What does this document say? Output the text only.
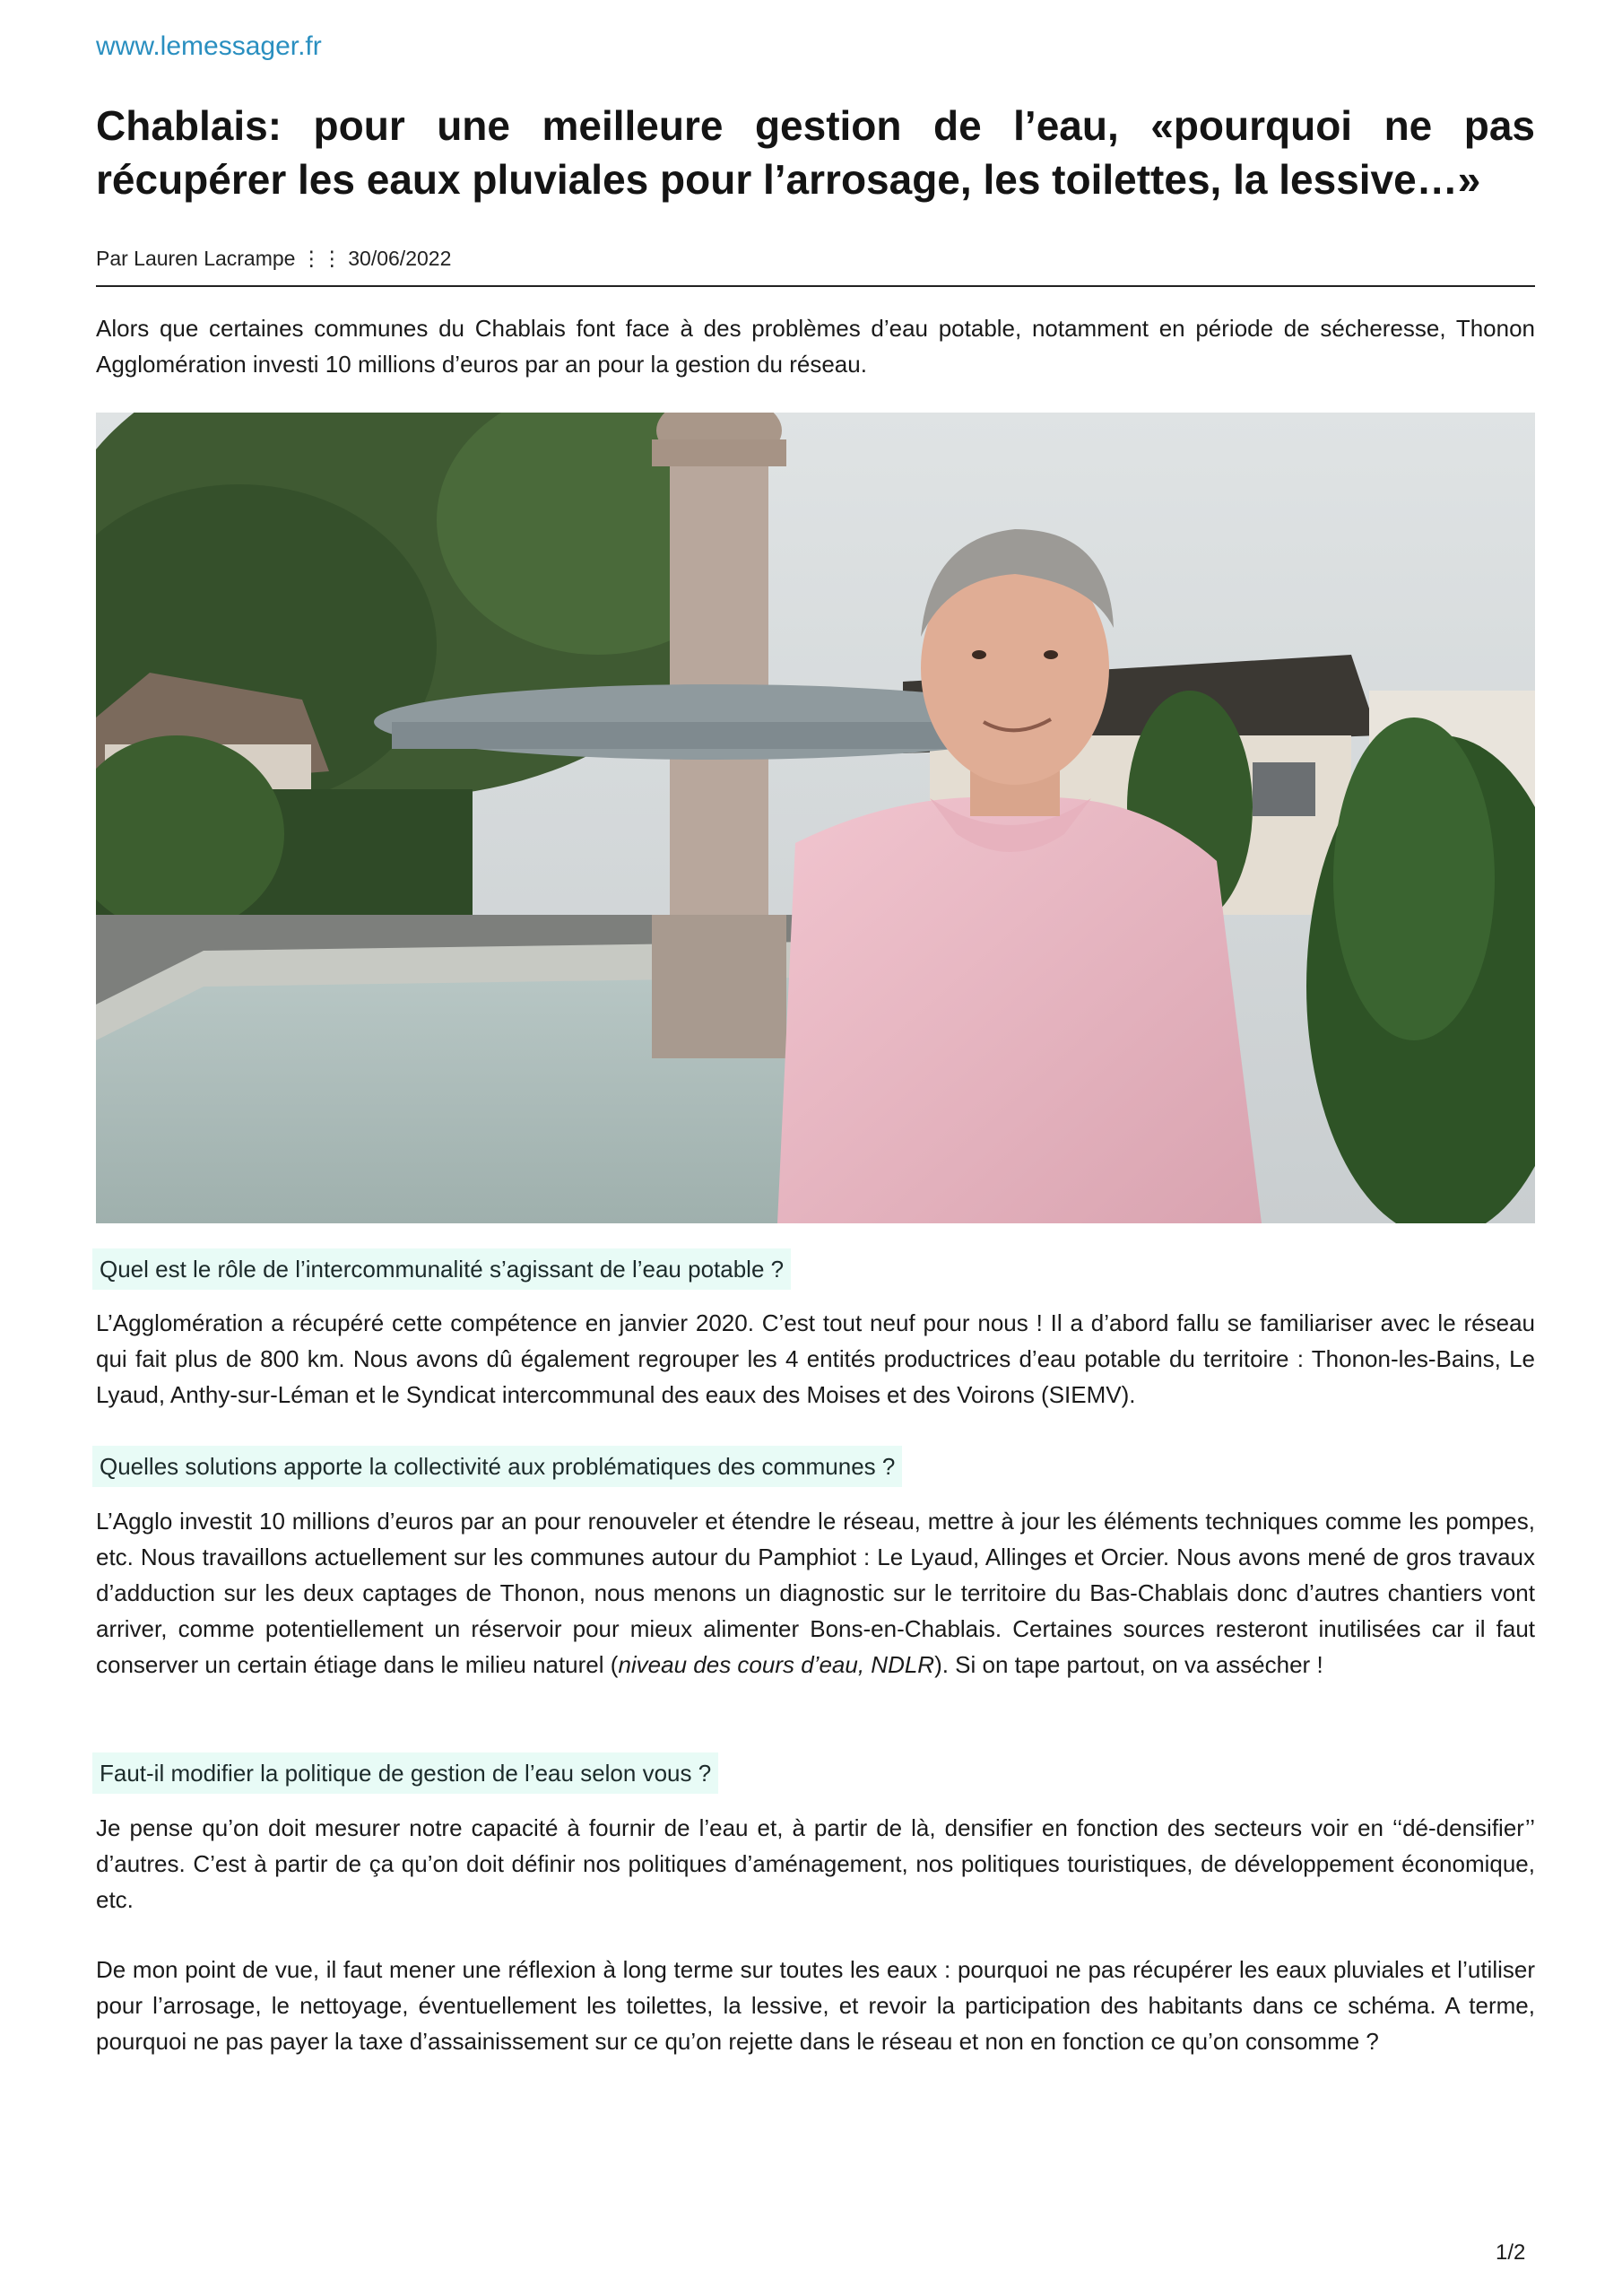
www.lemessager.fr
Chablais: pour une meilleure gestion de l’eau, «pourquoi ne pas récupérer les eaux pluviales pour l’arrosage, les toilettes, la lessive…»
Par Lauren Lacrampe ⋮⋮ 30/06/2022

Alors que certaines communes du Chablais font face à des problèmes d’eau potable, notamment en période de sécheresse, Thonon Agglomération investi 10 millions d’euros par an pour la gestion du réseau.

Quel est le rôle de l’intercommunalité s’agissant de l’eau potable ?

L’Agglomération a récupéré cette compétence en janvier 2020. C’est tout neuf pour nous ! Il a d’abord fallu se familiariser avec le réseau qui fait plus de 800 km. Nous avons dû également regrouper les 4 entités productrices d’eau potable du territoire : Thonon-les-Bains, Le Lyaud, Anthy-sur-Léman et le Syndicat intercommunal des eaux des Moises et des Voirons (SIEMV).

Quelles solutions apporte la collectivité aux problématiques des communes ?

L’Agglo investit 10 millions d’euros par an pour renouveler et étendre le réseau, mettre à jour les éléments techniques comme les pompes, etc. Nous travaillons actuellement sur les communes autour du Pamphiot : Le Lyaud, Allinges et Orcier. Nous avons mené de gros travaux d’adduction sur les deux captages de Thonon, nous menons un diagnostic sur le territoire du Bas-Chablais donc d’autres chantiers vont arriver, comme potentiellement un réservoir pour mieux alimenter Bons-en-Chablais. Certaines sources resteront inutilisées car il faut conserver un certain étiage dans le milieu naturel (niveau des cours d’eau, NDLR). Si on tape partout, on va assécher !

Faut-il modifier la politique de gestion de l’eau selon vous ?

Je pense qu’on doit mesurer notre capacité à fournir de l’eau et, à partir de là, densifier en fonction des secteurs voir en ‘‘dé-densifier’’ d’autres. C’est à partir de ça qu’on doit définir nos politiques d’aménagement, nos politiques touristiques, de développement économique, etc.

De mon point de vue, il faut mener une réflexion à long terme sur toutes les eaux : pourquoi ne pas récupérer les eaux pluviales et l’utiliser pour l’arrosage, le nettoyage, éventuellement les toilettes, la lessive, et revoir la participation des habitants dans ce schéma. A terme, pourquoi ne pas payer la taxe d’assainissement sur ce qu’on rejette dans le réseau et non en fonction ce qu’on consomme ?

1/2
